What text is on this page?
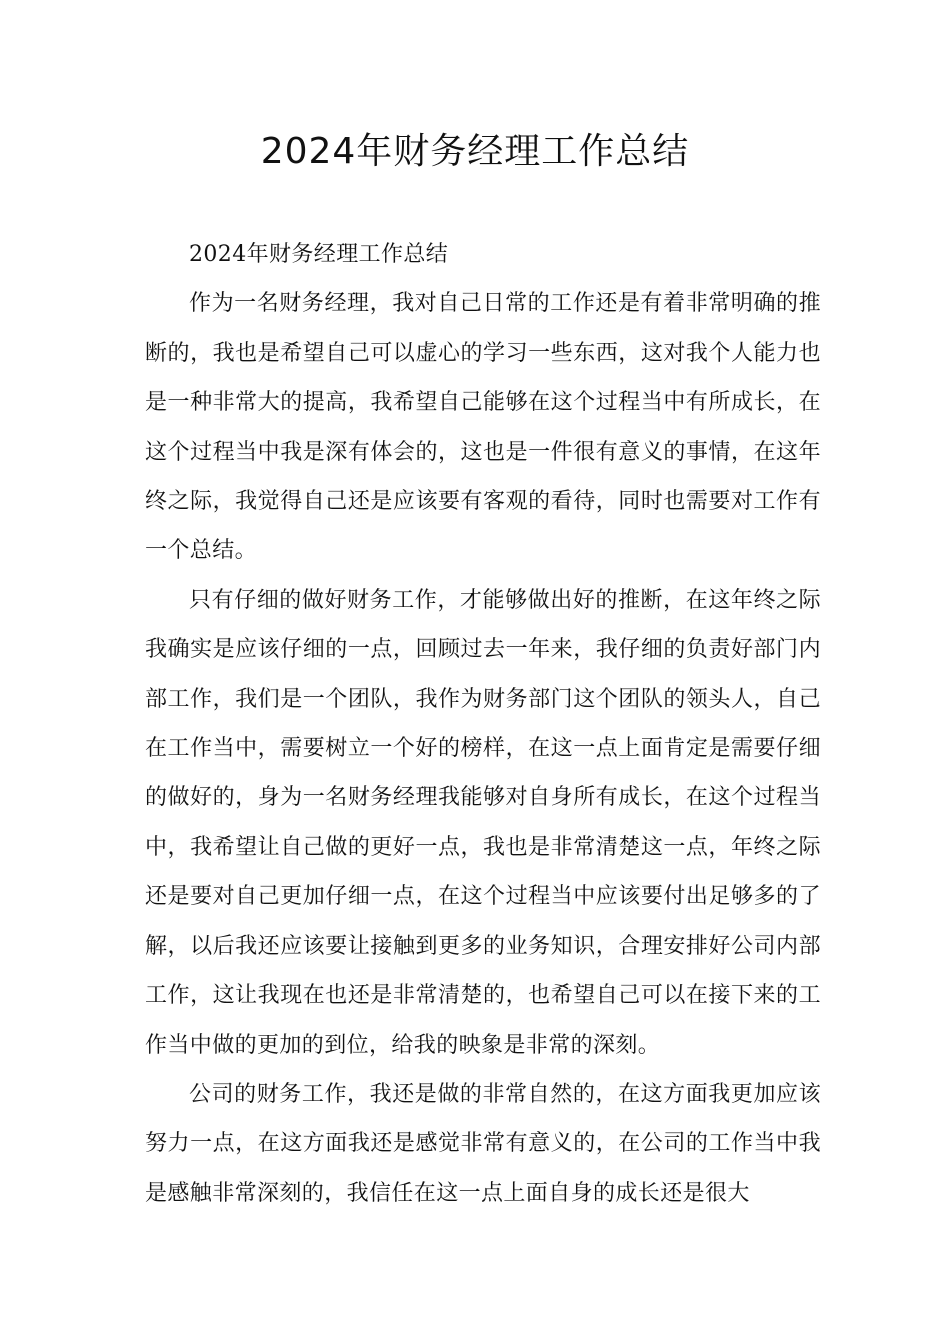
2024年财务经理工作总结

2024年财务经理工作总结

作为一名财务经理，我对自己日常的工作还是有着非常明确的推断的，我也是希望自己可以虚心的学习一些东西，这对我个人能力也是一种非常大的提高，我希望自己能够在这个过程当中有所成长，在这个过程当中我是深有体会的，这也是一件很有意义的事情，在这年终之际，我觉得自己还是应该要有客观的看待，同时也需要对工作有一个总结。

只有仔细的做好财务工作，才能够做出好的推断，在这年终之际我确实是应该仔细的一点，回顾过去一年来，我仔细的负责好部门内部工作，我们是一个团队，我作为财务部门这个团队的领头人，自己在工作当中，需要树立一个好的榜样，在这一点上面肯定是需要仔细的做好的，身为一名财务经理我能够对自身所有成长，在这个过程当中，我希望让自己做的更好一点，我也是非常清楚这一点，年终之际还是要对自己更加仔细一点，在这个过程当中应该要付出足够多的了解，以后我还应该要让接触到更多的业务知识，合理安排好公司内部工作，这让我现在也还是非常清楚的，也希望自己可以在接下来的工作当中做的更加的到位，给我的映象是非常的深刻。

公司的财务工作，我还是做的非常自然的，在这方面我更加应该努力一点，在这方面我还是感觉非常有意义的，在公司的工作当中我是感触非常深刻的，我信任在这一点上面自身的成长还是很大
